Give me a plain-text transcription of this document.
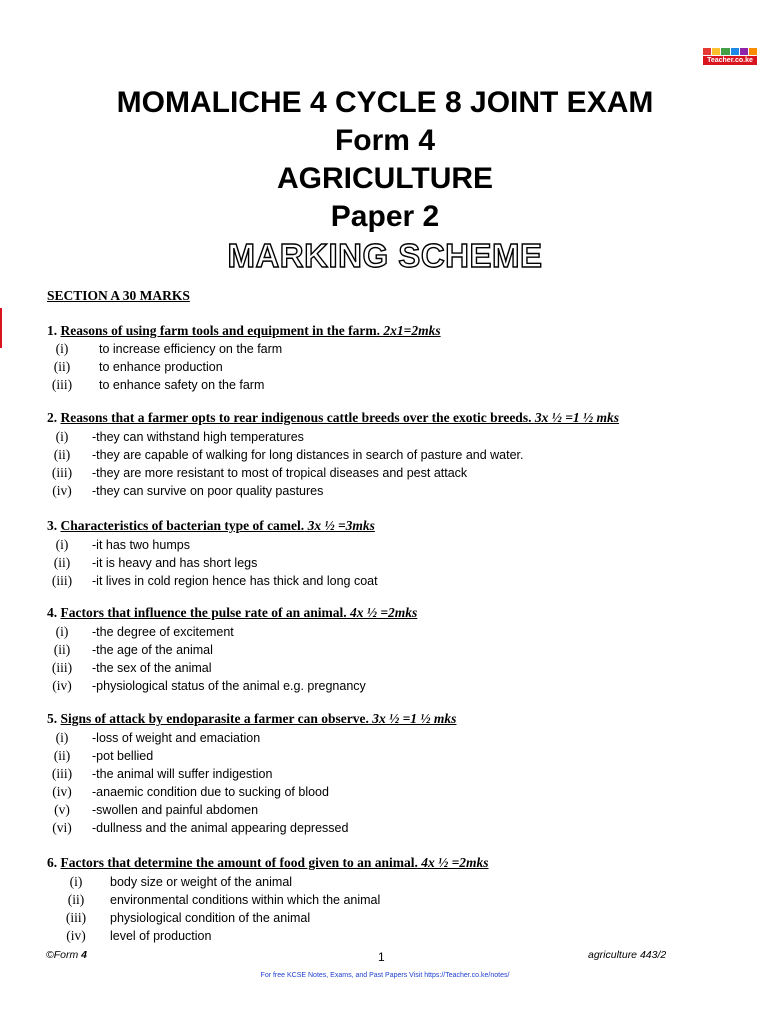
Teacher.co.ke
MOMALICHE 4 CYCLE 8 JOINT EXAM
Form 4
AGRICULTURE
Paper 2
MARKING SCHEME
SECTION A 30 MARKS
1. Reasons of using farm tools and equipment in the farm. 2x1=2mks
(i)	to increase efficiency on the farm
(ii)	to enhance production
(iii)	to enhance safety on the farm
2. Reasons that a farmer opts to rear indigenous cattle breeds over the exotic breeds. 3x ½ =1 ½ mks
(i)	-they can withstand high temperatures
(ii)	-they are capable of walking for long distances in search of pasture and water.
(iii)	-they are more resistant to most of tropical diseases and pest attack
(iv)	-they can survive on poor quality pastures
3. Characteristics of bacterian type of camel. 3x ½ =3mks
(i)	-it has two humps
(ii)	-it is heavy and has short legs
(iii)	-it lives in cold region hence has thick and long coat
4. Factors that influence the pulse rate of an animal. 4x ½ =2mks
(i)	-the degree of excitement
(ii)	-the age of the animal
(iii)	-the sex of the animal
(iv)	-physiological status of the animal e.g. pregnancy
5. Signs of attack by endoparasite a farmer can observe. 3x ½ =1 ½ mks
(i)	-loss of weight and emaciation
(ii)	-pot bellied
(iii)	-the animal will suffer indigestion
(iv)	-anaemic condition due to sucking of blood
(v)	-swollen and painful abdomen
(vi)	-dullness and the animal appearing depressed
6. Factors that determine the amount of food given to an animal. 4x ½ =2mks
(i)	body size or weight of the animal
(ii)	environmental conditions within which the animal
(iii)	physiological condition of the animal
(iv)	level of production
©Form 4	1	agriculture 443/2
For free KCSE Notes, Exams, and Past Papers Visit https://Teacher.co.ke/notes/
